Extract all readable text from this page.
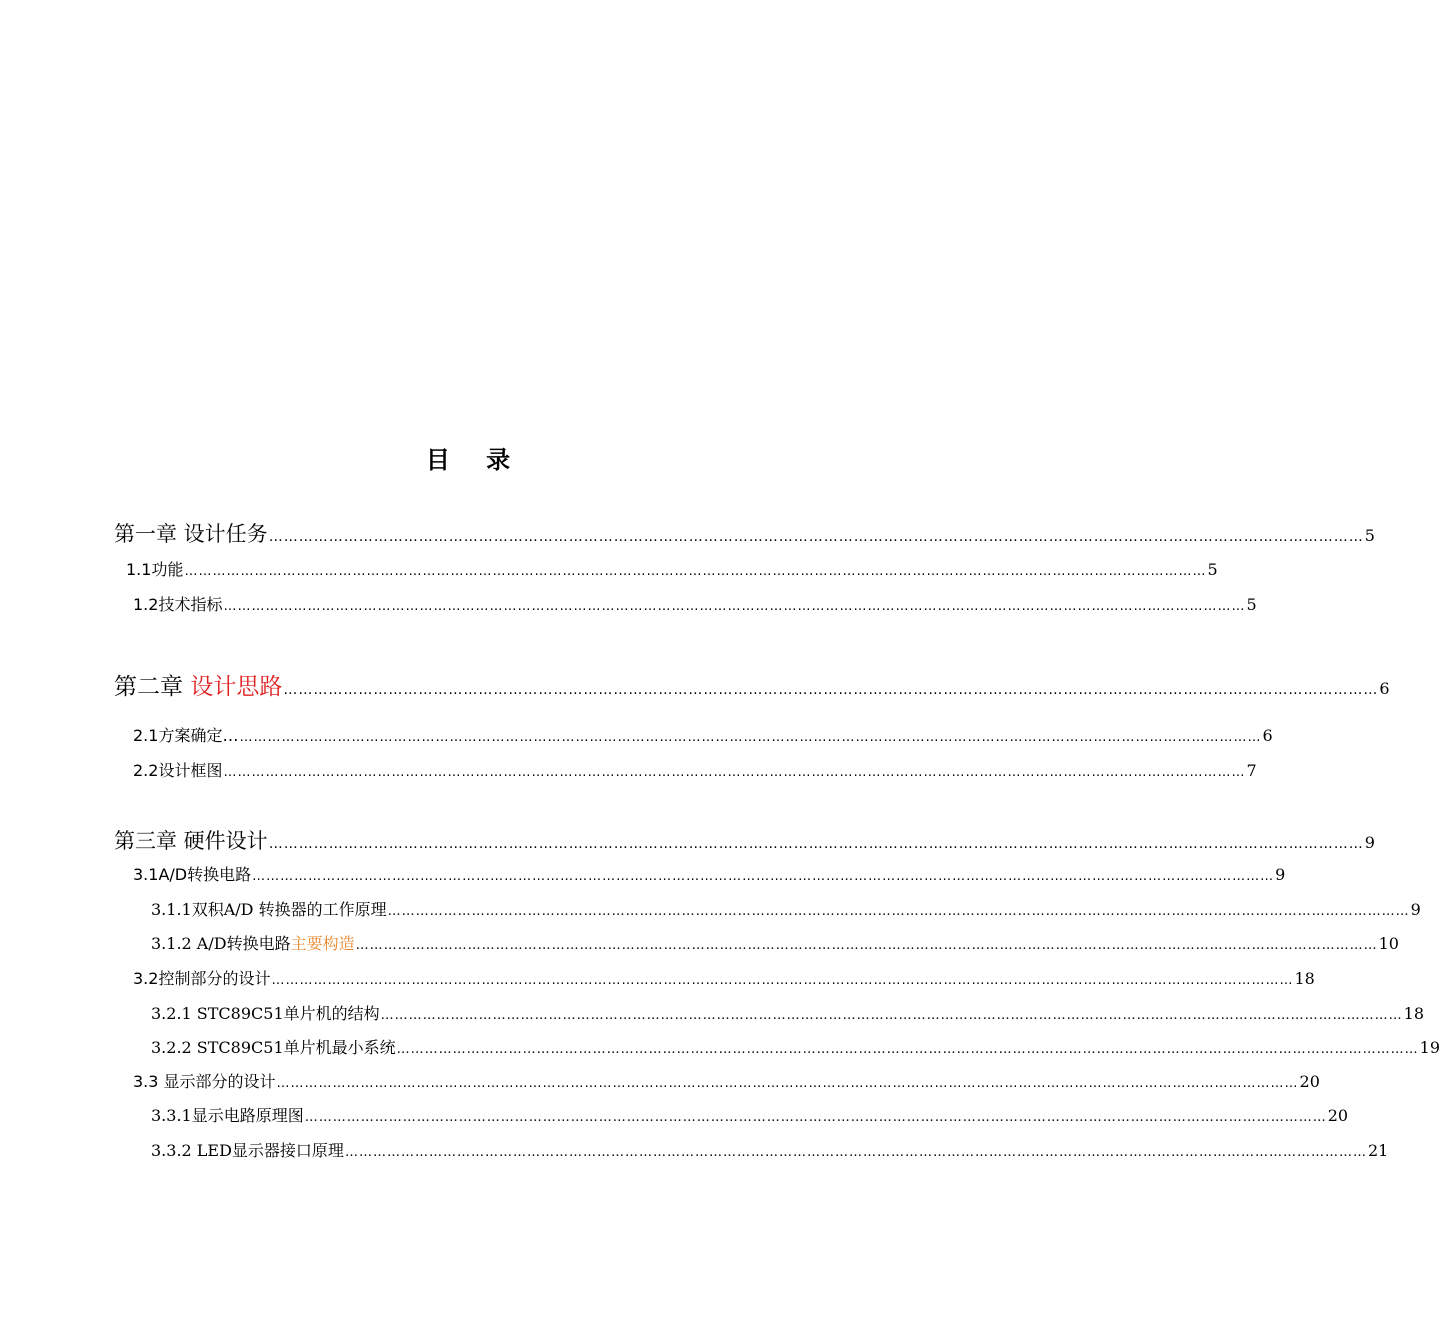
目 录
第一章 设计任务 ………………………………………………………………………………………………………………………………………………………………………………………………… 5
1.1功能 ………………………………………………………………………………………………………………………………………………………………………………………………… 5
1.2技术指标 ………………………………………………………………………………………………………………………………………………………………………………………………… 5
第二章 设计思路 ………………………………………………………………………………………………………………………………………………………………………………………………… 6
2.1方案确定… ………………………………………………………………………………………………………………………………………………………………………………………………… 6
2.2设计框图 ………………………………………………………………………………………………………………………………………………………………………………………………… 7
第三章 硬件设计 ………………………………………………………………………………………………………………………………………………………………………………………………… 9
3.1A/D转换电路 ………………………………………………………………………………………………………………………………………………………………………………………………… 9
3.1.1双积A/D 转换器的工作原理 ………………………………………………………………………………………………………………………………………………………………………………………………… 9
3.1.2 A/D转换电路主要构造 ………………………………………………………………………………………………………………………………………………………………………………………………… 10
3.2控制部分的设计 ………………………………………………………………………………………………………………………………………………………………………………………………… 18
3.2.1 STC89C51单片机的结构 ………………………………………………………………………………………………………………………………………………………………………………………………… 18
3.2.2 STC89C51单片机最小系统 ………………………………………………………………………………………………………………………………………………………………………………………………… 19
3.3 显示部分的设计 ………………………………………………………………………………………………………………………………………………………………………………………………… 20
3.3.1显示电路原理图 ………………………………………………………………………………………………………………………………………………………………………………………………… 20
3.3.2 LED显示器接口原理 ………………………………………………………………………………………………………………………………………………………………………………………………… 21
